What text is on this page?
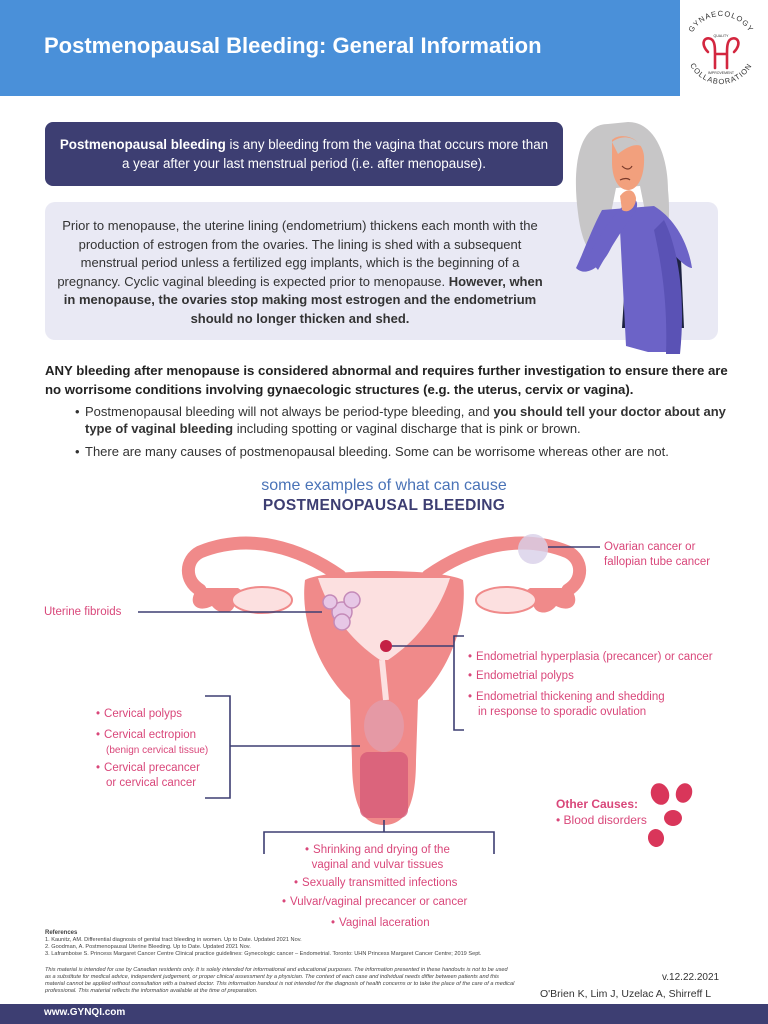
Postmenopausal Bleeding: General Information
GYNAECOLOGY
COLLABORATION
QUALITY
IMPROVEMENT
Postmenopausal bleeding is any bleeding from the vagina that occurs more than a year after your last menstrual period (i.e. after menopause).
Prior to menopause, the uterine lining (endometrium) thickens each month with the production of estrogen from the ovaries. The lining is shed with a subsequent menstrual period unless a fertilized egg implants, which is the beginning of a pregnancy. Cyclic vaginal bleeding is expected prior to menopause. However, when in menopause, the ovaries stop making most estrogen and the endometrium should no longer thicken and shed.
ANY bleeding after menopause is considered abnormal and requires further investigation to ensure there are no worrisome conditions involving gynaecologic structures (e.g. the uterus, cervix or vagina).
• Postmenopausal bleeding will not always be period-type bleeding, and you should tell your doctor about any type of vaginal bleeding including spotting or vaginal discharge that is pink or brown.
• There are many causes of postmenopausal bleeding. Some can be worrisome whereas other are not.
some examples of what can cause
POSTMENOPAUSAL BLEEDING
Ovarian cancer or
fallopian tube cancer
Uterine fibroids
• Endometrial hyperplasia (precancer) or cancer
• Endometrial polyps
• Endometrial thickening and shedding
in response to sporadic ovulation
• Cervical polyps
• Cervical ectropion
(benign cervical tissue)
• Cervical precancer
or cervical cancer
• Shrinking and drying of the
vaginal and vulvar tissues
• Sexually transmitted infections
• Vulvar/vaginal precancer or cancer
• Vaginal laceration
Other Causes:
• Blood disorders
References
1. Kaunitz, AM. Differential diagnosis of genital tract bleeding in women. Up to Date. Updated 2021 Nov.
2. Goodman, A. Postmenopausal Uterine Bleeding. Up to Date. Updated 2021 Nov.
3. Laframboise S. Princess Margaret Cancer Centre Clinical practice guidelines: Gynecologic cancer – Endometrial. Toronto: UHN Princess Margaret Cancer Centre; 2019 Sept.
This material is intended for use by Canadian residents only. It is solely intended for informational and educational purposes. The information presented in these handouts is not to be used as a substitute for medical advice, independent judgement, or proper clinical assessment by a physician. The context of each case and individual needs differ between patients and this material cannot be applied without consultation with a trained doctor. This information handout is not intended for the diagnosis of health concerns or to take the place of the care of a medical professional. This material reflects the information available at the time of preparation.
v.12.22.2021
O'Brien K, Lim J, Uzelac A, Shirreff L
www.GYNQI.com
